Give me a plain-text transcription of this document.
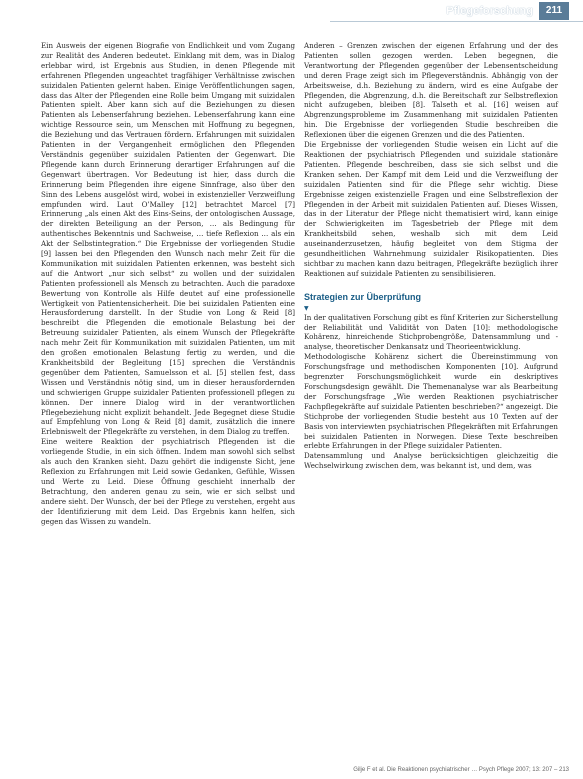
Pflegeforschung	211

Ein Ausweis der eigenen Biografie von Endlichkeit und vom Zugang zur Realität des Anderen bedeutet. Einklang mit dem, was in Dialog erlebbar wird, ist Ergebnis aus Studien, in denen Pflegende mit erfahrenen Pflegenden ungeachtet tragfähiger Verhältnisse zwischen suizidalen Patienten gelernt haben. Einige Veröffentlichungen sagen, dass das Alter der Pflegenden eine Rolle beim Umgang mit suizidalen Patienten spielt. Aber kann sich auf die Beziehungen zu diesen Patienten als Lebenserfahrung beziehen. Lebenserfahrung kann eine wichtige Ressource sein, um Menschen mit Hoffnung zu begegnen, die Beziehung und das Vertrauen fördern. Erfahrungen mit suizidalen Patienten in der Vergangenheit ermöglichen den Pflegenden Verständnis gegenüber suizidalen Patienten der Gegenwart. Die Pflegende kann durch Erinnerung derartiger Erfahrungen auf die Gegenwart übertragen. Vor Bedeutung ist hier, dass durch die Erinnerung beim Pflegenden ihre eigene Sinnfrage, also über den Sinn des Lebens ausgelöst wird, wobei in existenzieller Verzweiflung empfunden wird. Laut O’Malley [12] betrachtet Marcel [7] Erinnerung „als einen Akt des Eins-Seins, der ontologischen Aussage, der direkten Beteiligung an der Person, … als Bedingung für authentisches Bekenntnis und Sachweise, … tiefe Reflexion … als ein Akt der Selbstintegration.“ Die Ergebnisse der vorliegenden Studie [9] lassen bei den Pflegenden den Wunsch nach mehr Zeit für die Kommunikation mit suizidalen Patienten erkennen, was besteht sich auf die Antwort „nur sich selbst“ zu wollen und der suizidalen Patienten professionell als Mensch zu betrachten. Auch die paradoxe Bewertung von Kontrolle als Hilfe deutet auf eine professionelle Wertigkeit von Patientensicherheit. Die bei suizidalen Patienten eine Herausforderung darstellt. In der Studie von Long & Reid [8] beschreibt die Pflegenden die emotionale Belastung bei der Betreuung suizidaler Patienten, als einem Wunsch der Pflegekräfte nach mehr Zeit für Kommunikation mit suizidalen Patienten, um mit den großen emotionalen Belastung fertig zu werden, und die Krankheitsbild der Begleitung [15] sprechen die Verständnis gegenüber dem Patienten, Samuelsson et al. [5] stellen fest, dass Wissen und Verständnis nötig sind, um in dieser herausfordernden und schwierigen Gruppe suizidaler Patienten professionell pflegen zu können. Der innere Dialog wird in der verantwortlichen Pflegebeziehung nicht explizit behandelt. Jede Begegnet diese Studie auf Empfehlung von Long & Reid [8] damit, zusätzlich die innere Erlebniswelt der Pflegekräfte zu verstehen, in dem Dialog zu treffen.

Eine weitere Reaktion der psychiatrisch Pflegenden ist die vorliegende Studie, in ein sich öffnen. Indem man sowohl sich selbst als auch den Kranken sieht. Dazu gehört die indigenste Sicht, jene Reflexion zu Erfahrungen mit Leid sowie Gedanken, Gefühle, Wissen und Werte zu Leid. Diese Öffnung geschieht innerhalb der Betrachtung, den anderen genau zu sein, wie er sich selbst und andere sieht. Der Wunsch, der bei der Pflege zu verstehen, ergeht aus der Identifizierung mit dem Leid. Das Ergebnis kann helfen, sich gegen das Wissen zu wandeln.

Anderen – Grenzen zwischen der eigenen Erfahrung und der des Patienten sollen gezogen werden. Leben begegnen, die Verantwortung der Pflegenden gegenüber der Lebensentscheidung und deren Frage zeigt sich im Pflegeverständnis. Abhängig von der Arbeitsweise, d.h. Beziehung zu ändern, wird es eine Aufgabe der Pflegenden, die Abgrenzung, d.h. die Bereitschaft zur Selbstreflexion nicht aufzugeben, bleiben [8]. Talseth et al. [16] weisen auf Abgrenzungsprobleme im Zusammenhang mit suizidalen Patienten hin. Die Ergebnisse der vorliegenden Studie beschreiben die Reflexionen über die eigenen Grenzen und die des Patienten.

Die Ergebnisse der vorliegenden Studie weisen ein Licht auf die Reaktionen der psychiatrisch Pflegenden und suizidale stationäre Patienten. Pflegende beschreiben, dass sie sich selbst und die Kranken sehen. Der Kampf mit dem Leid und die Verzweiflung der suizidalen Patienten sind für die Pflege sehr wichtig. Diese Ergebnisse zeigen existenzielle Fragen und eine Selbstreflexion der Pflegenden in der Arbeit mit suizidalen Patienten auf. Dieses Wissen, das in der Literatur der Pflege nicht thematisiert wird, kann einige der Schwierigkeiten im Tagesbetrieb der Pflege mit dem Krankheitsbild sehen, weshalb sich mit dem Leid auseinanderzusetzen, häufig begleitet von dem Stigma der gesundheitlichen Wahrnehmung suizidaler Risikopatienten. Dies sichtbar zu machen kann dazu beitragen, Pflegekräfte bezüglich ihrer Reaktionen auf suizidale Patienten zu sensibilisieren.

Strategien zur Überprüfung
▼

In der qualitativen Forschung gibt es fünf Kriterien zur Sicherstellung der Reliabilität und Validität von Daten [10]: methodologische Kohärenz, hinreichende Stichprobengröße, Datensammlung und -analyse, theoretischer Denkansatz und Theorieentwicklung.

Methodologische Kohärenz sichert die Übereinstimmung von Forschungsfrage und methodischen Komponenten [10]. Aufgrund begrenzter Forschungsmöglichkeit wurde ein deskriptives Forschungsdesign gewählt. Die Themenanalyse war als Bearbeitung der Forschungsfrage „Wie werden Reaktionen psychiatrischer Fachpflegekräfte auf suizidale Patienten beschrieben?“ angezeigt. Die Stichprobe der vorliegenden Studie besteht aus 10 Texten auf der Basis von interviewten psychiatrischen Pflegekräften mit Erfahrungen bei suizidalen Patienten in Norwegen. Diese Texte beschreiben erlebte Erfahrungen in der Pflege suizidaler Patienten.

Datensammlung und Analyse berücksichtigen gleichzeitig die Wechselwirkung zwischen dem, was bekannt ist, und dem, was

Gilje F et al. Die Reaktionen psychiatrischer … Psych Pflege 2007; 13: 207 – 213
